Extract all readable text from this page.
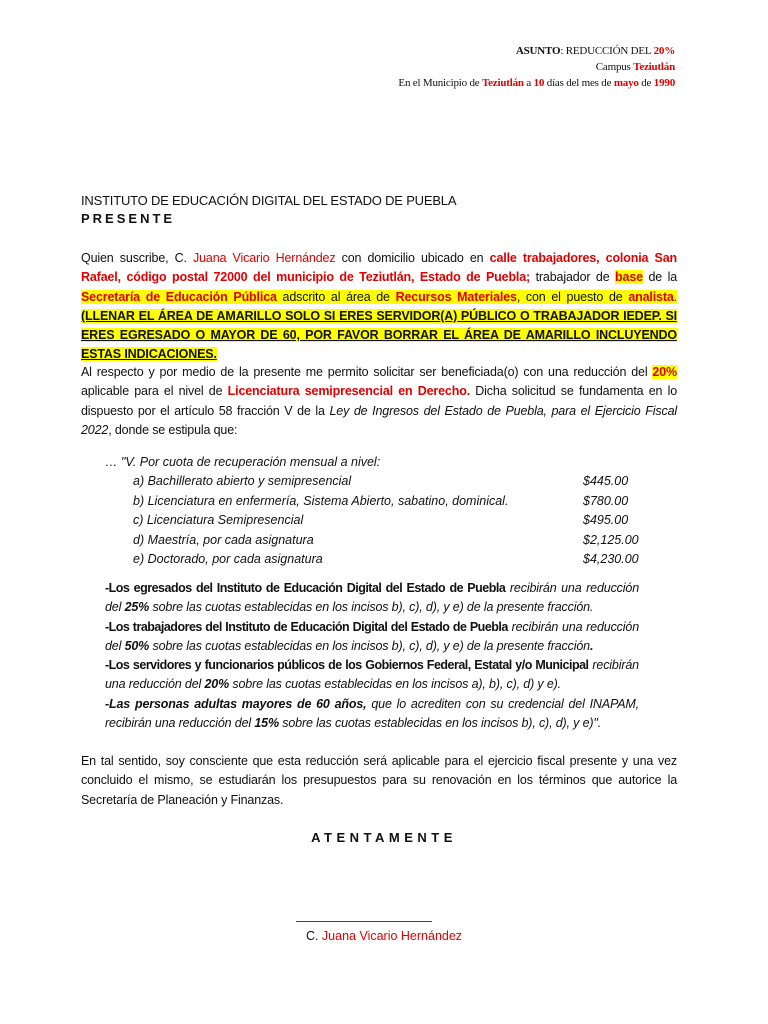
ASUNTO: REDUCCIÓN DEL 20%
Campus Teziutlán
En el Municipio de Teziutlán a 10 días del mes de mayo de 1990
INSTITUTO DE EDUCACIÓN DIGITAL DEL ESTADO DE PUEBLA
PRESENTE
Quien suscribe, C. Juana Vicario Hernández con domicilio ubicado en calle trabajadores, colonia San Rafael, código postal 72000 del municipio de Teziutlán, Estado de Puebla; trabajador de base de la Secretaría de Educación Pública adscrito al área de Recursos Materiales, con el puesto de analista. (LLENAR EL ÁREA DE AMARILLO SOLO SI ERES SERVIDOR(A) PÚBLICO O TRABAJADOR IEDEP. SI ERES EGRESADO O MAYOR DE 60, POR FAVOR BORRAR EL ÁREA DE AMARILLO INCLUYENDO ESTAS INDICACIONES.
Al respecto y por medio de la presente me permito solicitar ser beneficiada(o) con una reducción del 20% aplicable para el nivel de Licenciatura semipresencial en Derecho. Dicha solicitud se fundamenta en lo dispuesto por el artículo 58 fracción V de la Ley de Ingresos del Estado de Puebla, para el Ejercicio Fiscal 2022, donde se estipula que:
… "V. Por cuota de recuperación mensual a nivel:
a) Bachillerato abierto y semipresencial	$445.00
b) Licenciatura en enfermería, Sistema Abierto, sabatino, dominical.	$780.00
c) Licenciatura Semipresencial	$495.00
d) Maestría, por cada asignatura	$2,125.00
e) Doctorado, por cada asignatura	$4,230.00
-Los egresados del Instituto de Educación Digital del Estado de Puebla recibirán una reducción del 25% sobre las cuotas establecidas en los incisos b), c), d), y e) de la presente fracción.
-Los trabajadores del Instituto de Educación Digital del Estado de Puebla recibirán una reducción del 50% sobre las cuotas establecidas en los incisos b), c), d), y e) de la presente fracción.
-Los servidores y funcionarios públicos de los Gobiernos Federal, Estatal y/o Municipal recibirán una reducción del 20% sobre las cuotas establecidas en los incisos a), b), c), d) y e).
-Las personas adultas mayores de 60 años, que lo acrediten con su credencial del INAPAM, recibirán una reducción del 15% sobre las cuotas establecidas en los incisos b), c), d), y e)".
En tal sentido, soy consciente que esta reducción será aplicable para el ejercicio fiscal presente y una vez concluido el mismo, se estudiarán los presupuestos para su renovación en los términos que autorice la Secretaría de Planeación y Finanzas.
ATENTAMENTE
C. Juana Vicario Hernández
